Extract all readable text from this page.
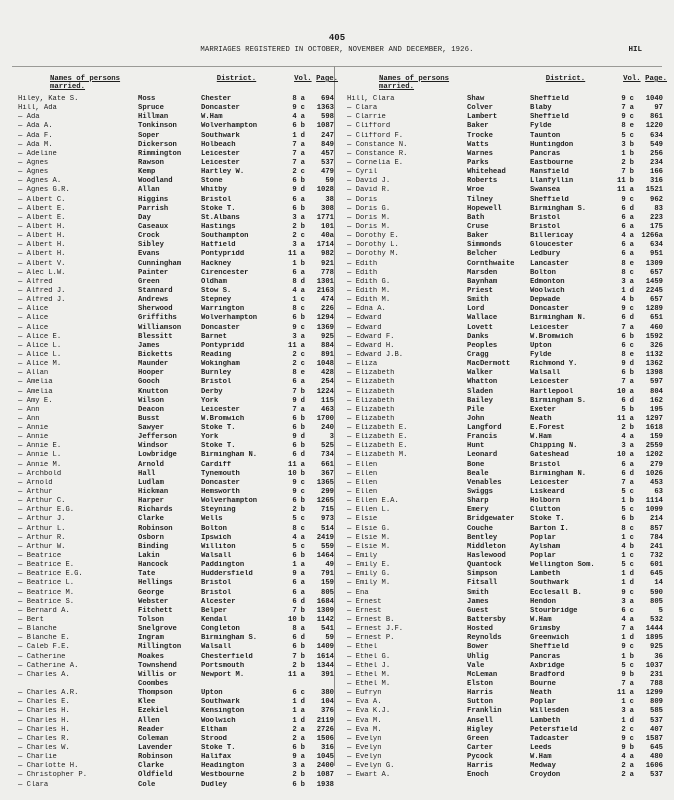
405
MARRIAGES REGISTERED IN OCTOBER, NOVEMBER AND DECEMBER, 1926.	HIL
Names of persons married.
District.	Vol. Page.
Hiley, Kate S.	Moss	Chester	8 a	694
Hill, Ada	Spruce	Doncaster	9 c	1363
— Ada	Hillman	W.Ham	4 a	598
— Ada A.	Tonkinson	Wolverhampton	6 b	1087
— Ada F.	Soper	Southwark	1 d	247
— Ada M.	Dickerson	Holbeach	7 a	849
— Adeline	Rimmington	Leicester	7 a	457
— Agnes	Rawson	Leicester	7 a	537
— Agnes	Kemp	Hartley W.	2 c	479
— Agnes A.	Woodland	Stone	6 b	59
— Agnes G.R.	Allan	Whitby	9 d	1028
— Albert C.	Higgins	Bristol	6 a	38
— Albert E.	Parrish	Stoke T.	6 b	308
— Albert E.	Day	St.Albans	3 a	1771
— Albert H.	Caseaux	Hastings	2 b	101
— Albert H.	Crock	Southampton	2 c	40a
— Albert H.	Sibley	Hatfield	3 a	1714
— Albert H.	Evans	Pontypridd	11 a	982
— Albert V.	Cunningham	Hackney	1 b	921
— Alec L.W.	Painter	Cirencester	6 a	778
— Alfred	Green	Oldham	8 d	1301
— Alfred J.	Stannard	Stow S.	4 a	2163
— Alfred J.	Andrews	Stepney	1 c	474
— Alice	Sherwood	Warrington	8 c	226
— Alice	Griffiths	Wolverhampton	6 b	1294
— Alice	Williamson	Doncaster	9 c	1369
— Alice E.	Blessitt	Barnet	3 a	925
— Alice L.	James	Pontypridd	11 a	884
— Alice L.	Bicketts	Reading	2 c	891
— Alice M.	Maunder	Wokingham	2 c	1048
— Allan	Hooper	Burnley	8 e	428
— Amelia	Gooch	Bristol	6 a	254
— Amelia	Knutton	Derby	7 b	1224
— Amy E.	Wilson	York	9 d	115
— Ann	Deacon	Leicester	7 a	463
— Ann	Busst	W.Bromwich	6 b	1700
— Annie	Sawyer	Stoke T.	6 b	240
— Annie	Jefferson	York	9 d	3
— Annie E.	Windsor	Stoke T.	6 b	525
— Annie L.	Lowbridge	Birmingham N.	6 d	734
— Annie M.	Arnold	Cardiff	11 a	661
— Archbold	Hall	Tynemouth	10 b	367
— Arnold	Ludlam	Doncaster	9 c	1365
— Arthur	Hickman	Hemsworth	9 c	299
— Arthur C.	Harper	Wolverhampton	6 b	1265
— Arthur E.G.	Richards	Steyning	2 b	715
— Arthur J.	Clarke	Wells	5 c	973
— Arthur L.	Robinson	Bolton	8 c	514
— Arthur R.	Osborn	Ipswich	4 a	2419
— Arthur W.	Binding	Williton	5 c	559
— Beatrice	Lakin	Walsall	6 b	1464
— Beatrice E.	Hancock	Paddington	1 a	49
— Beatrice E.G.	Tate	Huddersfield	9 a	791
— Beatrice L.	Hellings	Bristol	6 a	159
— Beatrice M.	George	Bristol	6 a	805
— Beatrice S.	Webster	Alcester	6 d	1684
— Bernard A.	Fitchett	Belper	7 b	1309
— Bert	Tolson	Kendal	10 b	1142
— Blanche	Snelgrove	Congleton	8 a	541
— Blanche E.	Ingram	Birmingham S.	6 d	59
— Caleb F.E.	Millington	Walsall	6 b	1409
— Catherine	Moakes	Chesterfield	7 b	1614
— Catherine A.	Townshend	Portsmouth	2 b	1344
— Charles A.	Willis or	Newport M.	11 a	391
Coombes
— Charles A.R.	Thompson	Upton	6 c	380
— Charles E.	Klee	Southwark	1 d	104
— Charles H.	Ezekiel	Kensington	1 a	376
— Charles H.	Allen	Woolwich	1 d	2119
— Charles H.	Reader	Eltham	2 a	2726
— Charles R.	Coleman	Strood	2 a	1506
— Charles W.	Lavender	Stoke T.	6 b	316
— Charlie	Robinson	Halifax	9 a	1045
— Charlotte H.	Clarke	Headington	3 a	2400
— Christopher P.	Oldfield	Westbourne	2 b	1087
— Clara	Cole	Dudley	6 b	1938
Names of persons married.
District.	Vol. Page.
Hill, Clara	Shaw	Sheffield	9 c	1040
— Clara	Colver	Blaby	7 a	97
— Clarrie	Lambert	Sheffield	9 c	861
— Clifford	Baker	Fylde	8 e	1220
— Clifford F.	Trocke	Taunton	5 c	634
— Constance N.	Watts	Huntingdon	3 b	549
— Constance R.	Warnes	Pancras	1 b	256
— Cornelia E.	Parks	Eastbourne	2 b	234
— Cyril	Whitehead	Mansfield	7 b	166
— David J.	Roberts	Llanfyllin	11 b	316
— David R.	Wroe	Swansea	11 a	1521
— Doris	Tilney	Sheffield	9 c	962
— Doris G.	Hopewell	Birmingham S.	6 d	83
— Doris M.	Bath	Bristol	6 a	223
— Doris M.	Cruse	Bristol	6 a	175
— Dorothy E.	Baker	Billericay	4 a	1266a
— Dorothy L.	Simmonds	Gloucester	6 a	634
— Dorothy M.	Belcher	Ledbury	6 a	951
— Edith	Cornthwaite	Lancaster	8 e	1309
— Edith	Marsden	Bolton	8 c	657
— Edith G.	Baynham	Edmonton	3 a	1459
— Edith M.	Priest	Woolwich	1 d	2245
— Edith M.	Smith	Depwade	4 b	657
— Edna A.	Lord	Doncaster	9 c	1289
— Edward	Wallace	Birmingham N.	6 d	651
— Edward	Lovett	Leicester	7 a	460
— Edward F.	Danks	W.Bromwich	6 b	1592
— Edward H.	Peoples	Upton	6 c	326
— Edward J.B.	Cragg	Fylde	8 e	1132
— Eliza	MacDermott	Richmond Y.	9 d	1362
— Elizabeth	Walker	Walsall	6 b	1398
— Elizabeth	Whatton	Leicester	7 a	597
— Elizabeth	Sladen	Hartlepool	10 a	804
— Elizabeth	Bailey	Birmingham S.	6 d	162
— Elizabeth	Pile	Exeter	5 b	195
— Elizabeth	John	Neath	11 a	1297
— Elizabeth E.	Langford	E.Forest	2 b	1618
— Elizabeth E.	Francis	W.Ham	4 a	159
— Elizabeth E.	Hunt	Chipping N.	3 a	2559
— Elizabeth M.	Leonard	Gateshead	10 a	1202
— Ellen	Bone	Bristol	6 a	279
— Ellen	Beale	Birmingham N.	6 d	1026
— Ellen	Venables	Leicester	7 a	453
— Ellen	Swiggs	Liskeard	5 c	63
— Ellen E.A.	Sharp	Holborn	1 b	1114
— Ellen L.	Emery	Clutton	5 c	1099
— Elsie	Bridgewater	Stoke T.	6 b	214
— Elsie G.	Couche	Barton I.	8 c	857
— Elsie M.	Bentley	Poplar	1 c	784
— Elsie M.	Middleton	Aylsham	4 b	241
— Emily	Haslewood	Poplar	1 c	732
— Emily E.	Quantock	Wellington Som.	5 c	601
— Emily G.	Simpson	Lambeth	1 d	645
— Emily M.	Fitsall	Southwark	1 d	14
— Ena	Smith	Ecclesall B.	9 c	590
— Ernest	James	Hendon	3 a	805
— Ernest	Guest	Stourbridge	6 c	5
— Ernest B.	Battersby	W.Ham	4 a	532
— Ernest J.F.	Hosted	Grimsby	7 a	1444
— Ernest P.	Reynolds	Greenwich	1 d	1895
— Ethel	Bower	Sheffield	9 c	925
— Ethel G.	Uhlig	Pancras	1 b	36
— Ethel J.	Vale	Axbridge	5 c	1037
— Ethel M.	McLeman	Bradford	9 b	231
— Ethel M.	Elston	Bourne	7 a	788
— Eufryn	Harris	Neath	11 a	1299
— Eva A.	Sutton	Poplar	1 c	809
— Eva K.J.	Franklin	Willesden	3 a	585
— Eva M.	Ansell	Lambeth	1 d	537
— Eva M.	Higley	Petersfield	2 c	407
— Evelyn	Green	Tadcaster	9 c	1587
— Evelyn	Carter	Leeds	9 b	645
— Evelyn	Pycock	W.Ham	4 a	480
— Evelyn G.	Harris	Medway	2 a	1606
— Ewart A.	Enoch	Croydon	2 a	537
